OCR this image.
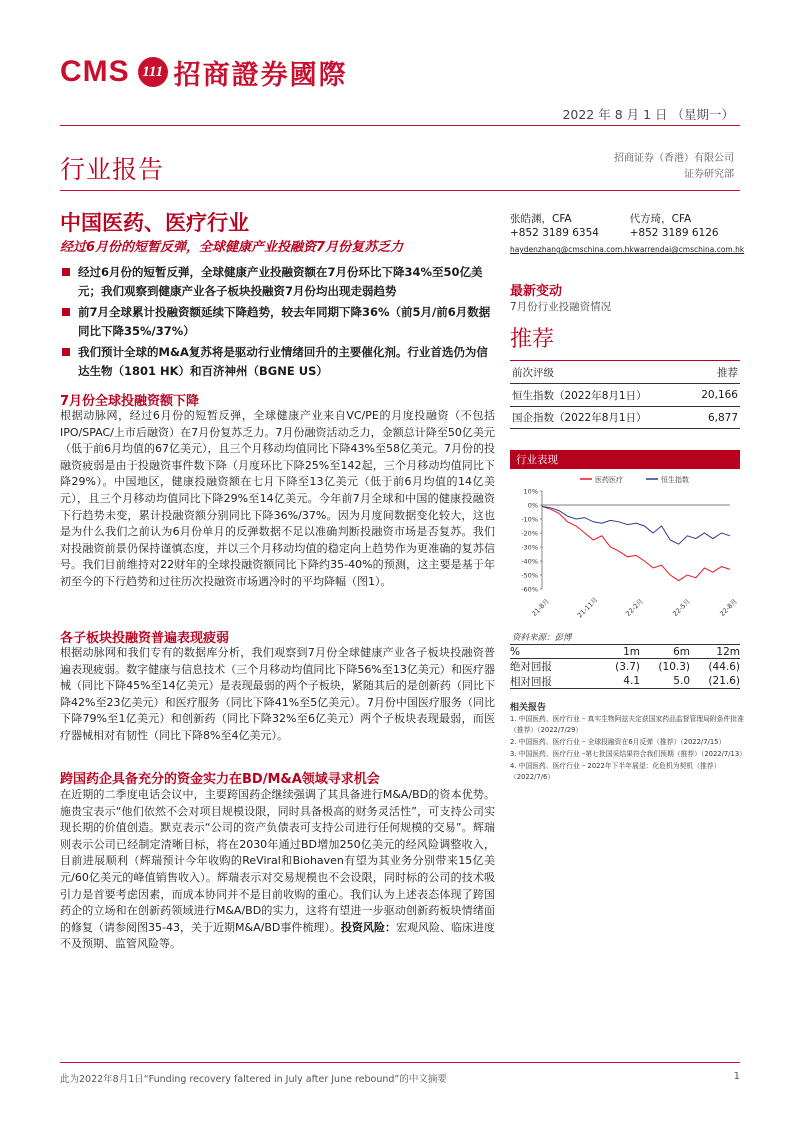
CMS 111 招商證券國際
2022 年 8 月 1 日 （星期一）
行业报告	招商证券（香港）有限公司
证券研究部
中国医药、医疗行业
经过6月份的短暂反弹，全球健康产业投融资7月份复苏乏力
经过6月份的短暂反弹，全球健康产业投融资额在7月份环比下降34%至50亿美元；我们观察到健康产业各子板块投融资7月份均出现走弱趋势
前7月全球累计投融资额延续下降趋势，较去年同期下降36%（前5月/前6月数据同比下降35%/37%）
我们预计全球的M&A复苏将是驱动行业情绪回升的主要催化剂。行业首选仍为信达生物（1801 HK）和百济神州（BGNE US）
7月份全球投融资额下降
根据动脉网，经过6月份的短暂反弹，全球健康产业来自VC/PE的月度投融资（不包括IPO/SPAC/上市后融资）在7月份复苏乏力。7月份融资活动乏力，金额总计降至50亿美元（低于前6月均值的67亿美元），且三个月移动均值同比下降43%至58亿美元。7月份的投融资疲弱是由于投融资事件数下降（月度环比下降25%至142起，三个月移动均值同比下降29%）。中国地区，健康投融资额在七月下降至13亿美元（低于前6月均值的14亿美元），且三个月移动均值同比下降29%至14亿美元。今年前7月全球和中国的健康投融资下行趋势未变，累计投融资额分别同比下降36%/37%。因为月度间数据变化较大，这也是为什么我们之前认为6月份单月的反弹数据不足以准确判断投融资市场是否复苏。我们对投融资前景仍保持谨慎态度，并以三个月移动均值的稳定向上趋势作为更准确的复苏信号。我们目前维持对22财年的全球投融资额同比下降约35-40%的预测，这主要是基于年初至今的下行趋势和过往历次投融资市场遇冷时的平均降幅（图1）。
各子板块投融资普遍表现疲弱
根据动脉网和我们专有的数据库分析，我们观察到7月份全球健康产业各子板块投融资普遍表现疲弱。数字健康与信息技术（三个月移动均值同比下降56%至13亿美元）和医疗器械（同比下降45%至14亿美元）是表现最弱的两个子板块，紧随其后的是创新药（同比下降42%至23亿美元）和医疗服务（同比下降41%至5亿美元）。7月份中国医疗服务（同比下降79%至1亿美元）和创新药（同比下降32%至6亿美元）两个子板块表现最弱，而医疗器械相对有韧性（同比下降8%至4亿美元）。
跨国药企具备充分的资金实力在BD/M&A领域寻求机会
在近期的二季度电话会议中，主要跨国药企继续强调了其具备进行M&A/BD的资本优势。施贵宝表示“他们依然不会对项目规模设限，同时具备极高的财务灵活性”，可支持公司实现长期的价值创造。默克表示“公司的资产负债表可支持公司进行任何规模的交易”。辉瑞则表示公司已经制定清晰目标，将在2030年通过BD增加250亿美元的经风险调整收入，目前进展顺利（辉瑞预计今年收购的ReViral和Biohaven有望为其业务分别带来15亿美元/60亿美元的峰值销售收入）。辉瑞表示对交易规模也不会设限，同时标的公司的技术吸引力是首要考虑因素，而成本协同并不是目前收购的重心。我们认为上述表态体现了跨国药企的立场和在创新药领域进行M&A/BD的实力，这将有望进一步驱动创新药板块情绪面的修复（请参阅图35-43，关于近期M&A/BD事件梳理）。投资风险：宏观风险、临床进度不及预期、监管风险等。
张皓渊，CFA	代方琦，CFA
+852 3189 6354	+852 3189 6126
haydenzhang@cmschina.com.hk warrendai@cmschina.com.hk
最新变动
7月份行业投融资情况
推荐
前次评级	推荐
恒生指数（2022年8月1日）	20,166
国企指数（2022年8月1日）	6,877
行业表现
医药医疗	恒生指数
10%
0%
-10%
-20%
-30%
-40%
-50%
-60%
21-8月	21-11月	22-2月	22-5月	22-8月
资料来源：彭博
%	1m	6m	12m
绝对回报	(3.7)	(10.3)	(44.6)
相对回报	4.1	5.0	(21.6)
相关报告
1. 中国医药、医疗行业 – 真实生物阿兹夫定获国家药品监督管理局附条件批准（推荐）（2022/7/29）
2. 中国医药、医疗行业 – 全球投融资在6月反弹（推荐）（2022/7/15）
3. 中国医药、医疗行业 –第七批国采结果符合我们预期（推荐）（2022/7/13）
4. 中国医药、医疗行业 – 2022年下半年展望：化危机为契机（推荐）（2022/7/6）
此为2022年8月1日“Funding recovery faltered in July after June rebound”的中文摘要	1
